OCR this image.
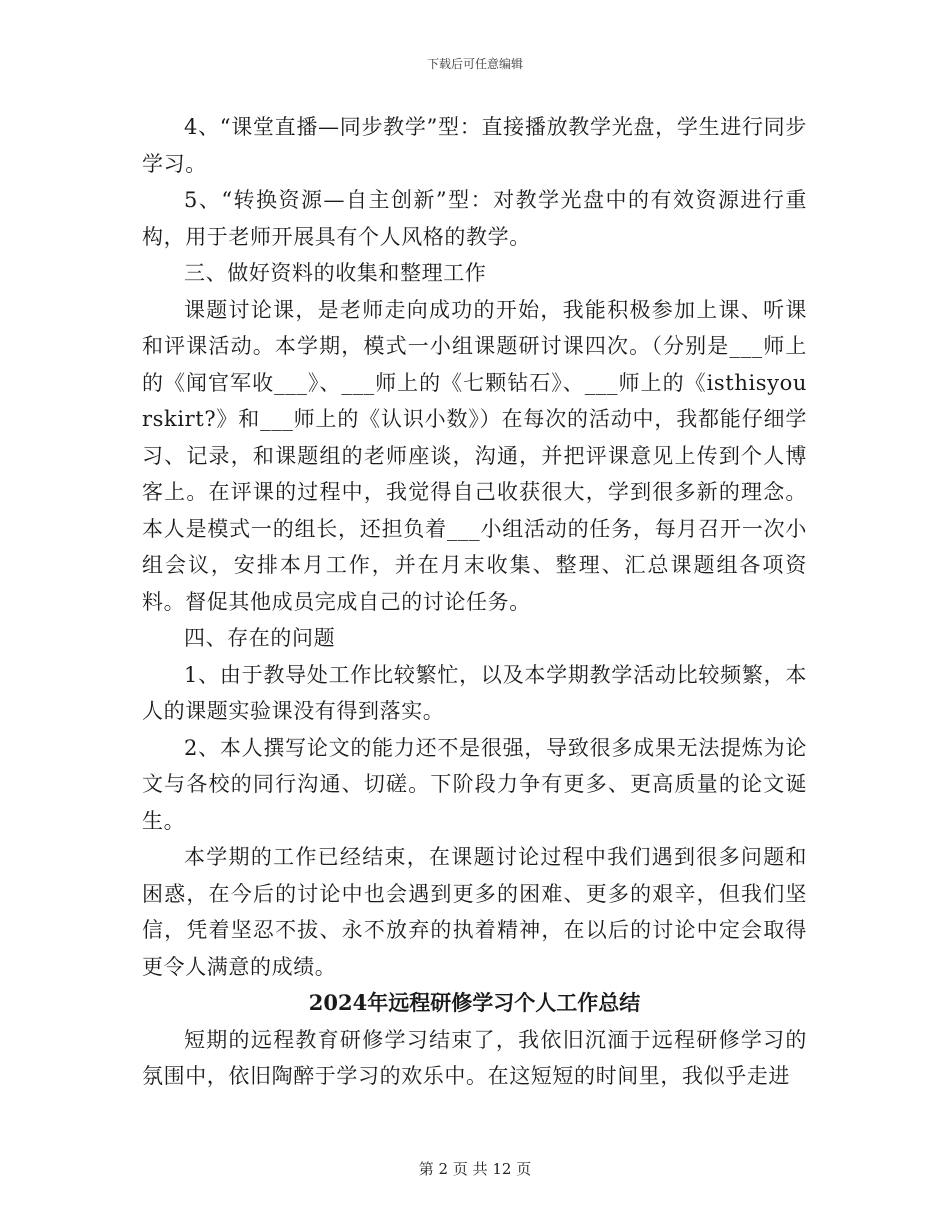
下载后可任意编辑

4、“课堂直播—同步教学”型：直接播放教学光盘，学生进行同步学习。

5、“转换资源—自主创新”型：对教学光盘中的有效资源进行重构，用于老师开展具有个人风格的教学。

三、做好资料的收集和整理工作

课题讨论课，是老师走向成功的开始，我能积极参加上课、听课和评课活动。本学期，模式一小组课题研讨课四次。（分别是___师上的《闻官军收___》、___师上的《七颗钻石》、___师上的《isthisyourskirt?》和___师上的《认识小数》）在每次的活动中，我都能仔细学习、记录，和课题组的老师座谈，沟通，并把评课意见上传到个人博客上。在评课的过程中，我觉得自己收获很大，学到很多新的理念。本人是模式一的组长，还担负着___小组活动的任务，每月召开一次小组会议，安排本月工作，并在月末收集、整理、汇总课题组各项资料。督促其他成员完成自己的讨论任务。

四、存在的问题

1、由于教导处工作比较繁忙，以及本学期教学活动比较频繁，本人的课题实验课没有得到落实。

2、本人撰写论文的能力还不是很强，导致很多成果无法提炼为论文与各校的同行沟通、切磋。下阶段力争有更多、更高质量的论文诞生。

本学期的工作已经结束，在课题讨论过程中我们遇到很多问题和困惑，在今后的讨论中也会遇到更多的困难、更多的艰辛，但我们坚信，凭着坚忍不拔、永不放弃的执着精神，在以后的讨论中定会取得更令人满意的成绩。

2024年远程研修学习个人工作总结

短期的远程教育研修学习结束了，我依旧沉湎于远程研修学习的氛围中，依旧陶醉于学习的欢乐中。在这短短的时间里，我似乎走进

第 2 页 共 12 页
